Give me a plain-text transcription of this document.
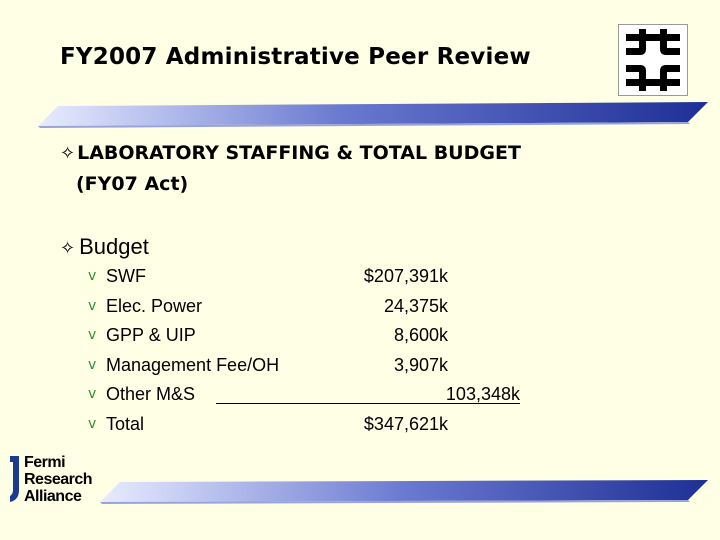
FY2007 Administrative Peer Review
✧ LABORATORY STAFFING & TOTAL BUDGET
(FY07 Act)
✧ Budget
v SWF	$207,391k
v Elec. Power	24,375k
v GPP & UIP	8,600k
v Management Fee/OH	3,907k
v Other M&S	103,348k
v Total	$347,621k
Fermi
Research
Alliance
